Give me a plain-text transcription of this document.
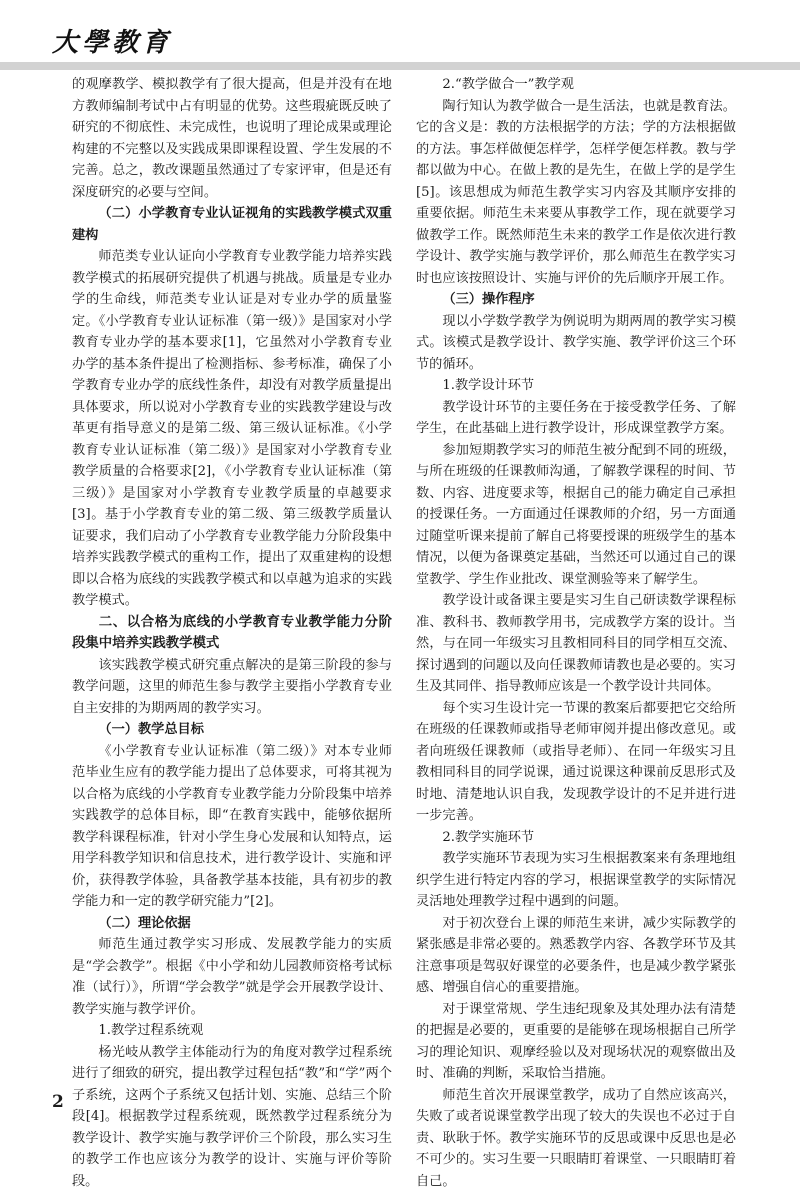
大學教育

的观摩教学、模拟教学有了很大提高，但是并没有在地方教师编制考试中占有明显的优势。这些瑕疵既反映了研究的不彻底性、未完成性，也说明了理论成果或理论构建的不完整以及实践成果即课程设置、学生发展的不完善。总之，教改课题虽然通过了专家评审，但是还有深度研究的必要与空间。

（二）小学教育专业认证视角的实践教学模式双重建构

师范类专业认证向小学教育专业教学能力培养实践教学模式的拓展研究提供了机遇与挑战。质量是专业办学的生命线，师范类专业认证是对专业办学的质量鉴定。《小学教育专业认证标准（第一级）》是国家对小学教育专业办学的基本要求[1]，它虽然对小学教育专业办学的基本条件提出了检测指标、参考标准，确保了小学教育专业办学的底线性条件，却没有对教学质量提出具体要求，所以说对小学教育专业的实践教学建设与改革更有指导意义的是第二级、第三级认证标准。《小学教育专业认证标准（第二级）》是国家对小学教育专业教学质量的合格要求[2]，《小学教育专业认证标准（第三级）》是国家对小学教育专业教学质量的卓越要求[3]。基于小学教育专业的第二级、第三级教学质量认证要求，我们启动了小学教育专业教学能力分阶段集中培养实践教学模式的重构工作，提出了双重建构的设想即以合格为底线的实践教学模式和以卓越为追求的实践教学模式。

二、以合格为底线的小学教育专业教学能力分阶段集中培养实践教学模式

该实践教学模式研究重点解决的是第三阶段的参与教学问题，这里的师范生参与教学主要指小学教育专业自主安排的为期两周的教学实习。

（一）教学总目标

《小学教育专业认证标准（第二级）》对本专业师范毕业生应有的教学能力提出了总体要求，可将其视为以合格为底线的小学教育专业教学能力分阶段集中培养实践教学的总体目标，即“在教育实践中，能够依据所教学科课程标准，针对小学生身心发展和认知特点，运用学科教学知识和信息技术，进行教学设计、实施和评价，获得教学体验，具备教学基本技能，具有初步的教学能力和一定的教学研究能力”[2]。

（二）理论依据

师范生通过教学实习形成、发展教学能力的实质是“学会教学”。根据《中小学和幼儿园教师资格考试标准（试行）》，所谓“学会教学”就是学会开展教学设计、教学实施与教学评价。

1.教学过程系统观

杨光岐从教学主体能动行为的角度对教学过程系统进行了细致的研究，提出教学过程包括“教”和“学”两个子系统，这两个子系统又包括计划、实施、总结三个阶段[4]。根据教学过程系统观，既然教学过程系统分为教学设计、教学实施与教学评价三个阶段，那么实习生的教学工作也应该分为教学的设计、实施与评价等阶段。

2.“教学做合一”教学观

陶行知认为教学做合一是生活法，也就是教育法。它的含义是：教的方法根据学的方法；学的方法根据做的方法。事怎样做便怎样学，怎样学便怎样教。教与学都以做为中心。在做上教的是先生，在做上学的是学生[5]。该思想成为师范生教学实习内容及其顺序安排的重要依据。师范生未来要从事教学工作，现在就要学习做教学工作。既然师范生未来的教学工作是依次进行教学设计、教学实施与教学评价，那么师范生在教学实习时也应该按照设计、实施与评价的先后顺序开展工作。

（三）操作程序

现以小学数学教学为例说明为期两周的教学实习模式。该模式是教学设计、教学实施、教学评价这三个环节的循环。

1.教学设计环节

教学设计环节的主要任务在于接受教学任务、了解学生，在此基础上进行教学设计，形成课堂教学方案。

参加短期教学实习的师范生被分配到不同的班级，与所在班级的任课教师沟通，了解教学课程的时间、节数、内容、进度要求等，根据自己的能力确定自己承担的授课任务。一方面通过任课教师的介绍，另一方面通过随堂听课来提前了解自己将要授课的班级学生的基本情况，以便为备课奠定基础，当然还可以通过自己的课堂教学、学生作业批改、课堂测验等来了解学生。

教学设计或备课主要是实习生自己研读数学课程标准、教科书、教师教学用书，完成教学方案的设计。当然，与在同一年级实习且教相同科目的同学相互交流、探讨遇到的问题以及向任课教师请教也是必要的。实习生及其同伴、指导教师应该是一个教学设计共同体。

每个实习生设计完一节课的教案后都要把它交给所在班级的任课教师或指导老师审阅并提出修改意见。或者向班级任课教师（或指导老师）、在同一年级实习且教相同科目的同学说课，通过说课这种课前反思形式及时地、清楚地认识自我，发现教学设计的不足并进行进一步完善。

2.教学实施环节

教学实施环节表现为实习生根据教案来有条理地组织学生进行特定内容的学习，根据课堂教学的实际情况灵活地处理教学过程中遇到的问题。

对于初次登台上课的师范生来讲，减少实际教学的紧张感是非常必要的。熟悉教学内容、各教学环节及其注意事项是驾驭好课堂的必要条件，也是减少教学紧张感、增强自信心的重要措施。

对于课堂常规、学生违纪现象及其处理办法有清楚的把握是必要的，更重要的是能够在现场根据自己所学习的理论知识、观摩经验以及对现场状况的观察做出及时、准确的判断，采取恰当措施。

师范生首次开展课堂教学，成功了自然应该高兴，失败了或者说课堂教学出现了较大的失误也不必过于自责、耿耿于怀。教学实施环节的反思或课中反思也是必不可少的。实习生要一只眼睛盯着课堂、一只眼睛盯着自己。

2
